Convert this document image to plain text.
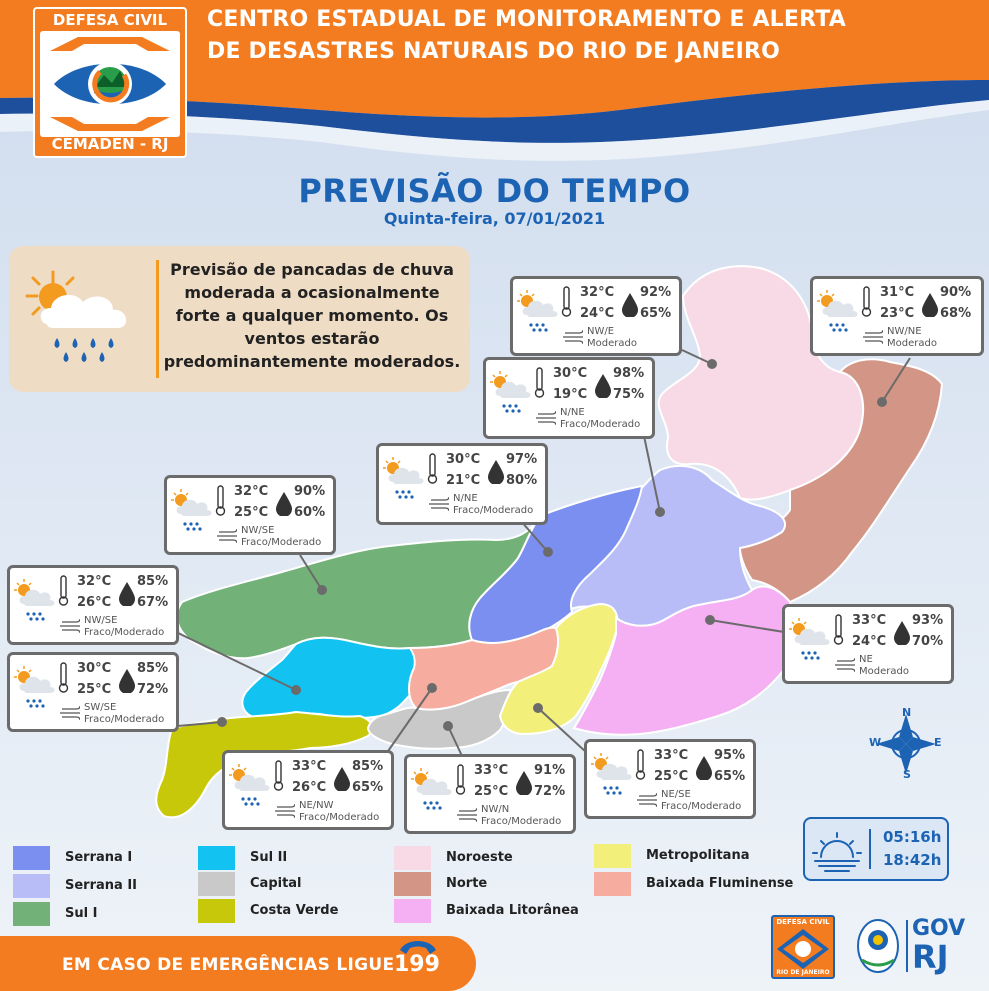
DEFESA CIVIL
CEMADEN - RJ
CENTRO ESTADUAL DE MONITORAMENTO E ALERTA
DE DESASTRES NATURAIS DO RIO DE JANEIRO
PREVISÃO DO TEMPO
Quinta-feira, 07/01/2021
Previsão de pancadas de chuva moderada a ocasionalmente forte a qualquer momento. Os ventos estarão predominantemente moderados.
32°C
24°C
92%
65%
NW/E
Moderado
31°C
23°C
90%
68%
NW/NE
Moderado
30°C
19°C
98%
75%
N/NE
Fraco/Moderado
30°C
21°C
97%
80%
N/NE
Fraco/Moderado
32°C
25°C
90%
60%
NW/SE
Fraco/Moderado
32°C
26°C
85%
67%
NW/SE
Fraco/Moderado
30°C
25°C
85%
72%
SW/SE
Fraco/Moderado
33°C
24°C
93%
70%
NE
Moderado
33°C
26°C
85%
65%
NE/NW
Fraco/Moderado
33°C
25°C
91%
72%
NW/N
Fraco/Moderado
33°C
25°C
95%
65%
NE/SE
Fraco/Moderado
N
S
E
W
Serrana I
Serrana II
Sul I
Sul II
Capital
Costa Verde
Noroeste
Norte
Baixada Litorânea
Metropolitana
Baixada Fluminense
05:16h
18:42h
EM CASO DE EMERGÊNCIAS LIGUE 199
DEFESA CIVIL
RIO DE JANEIRO
GOV
RJ
